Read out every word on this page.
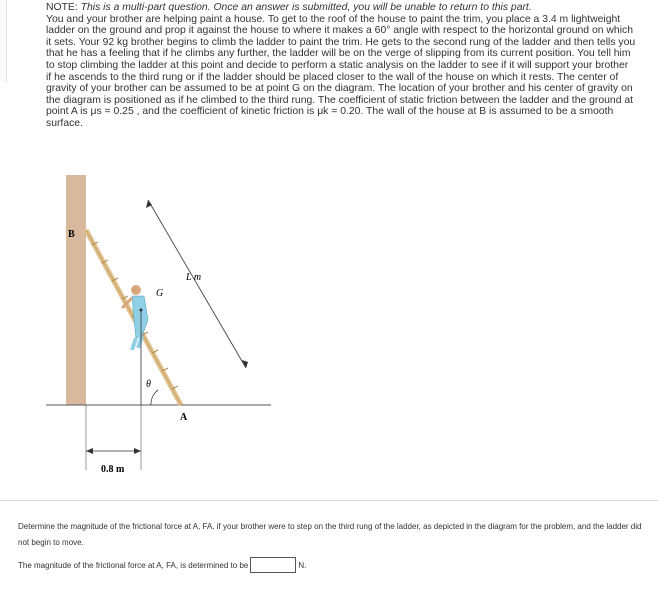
NOTE: This is a multi-part question. Once an answer is submitted, you will be unable to return to this part.

You and your brother are helping paint a house. To get to the roof of the house to paint the trim, you place a 3.4 m lightweight ladder on the ground and prop it against the house to where it makes a 60° angle with respect to the horizontal ground on which it sets. Your 92 kg brother begins to climb the ladder to paint the trim. He gets to the second rung of the ladder and then tells you that he has a feeling that if he climbs any further, the ladder will be on the verge of slipping from its current position. You tell him to stop climbing the ladder at this point and decide to perform a static analysis on the ladder to see if it will support your brother if he ascends to the third rung or if the ladder should be placed closer to the wall of the house on which it rests. The center of gravity of your brother can be assumed to be at point G on the diagram. The location of your brother and his center of gravity on the diagram is positioned as if he climbed to the third rung. The coefficient of static friction between the ladder and the ground at point A is μs = 0.25 , and the coefficient of kinetic friction is μk = 0.20. The wall of the house at B is assumed to be a smooth surface.

B
G
A
θ
L m
0.8 m
Determine the magnitude of the frictional force at A, FA, if your brother were to step on the third rung of the ladder, as depicted in the diagram for the problem, and the ladder did not begin to move.
The magnitude of the frictional force at A, FA, is determined to be	N.
